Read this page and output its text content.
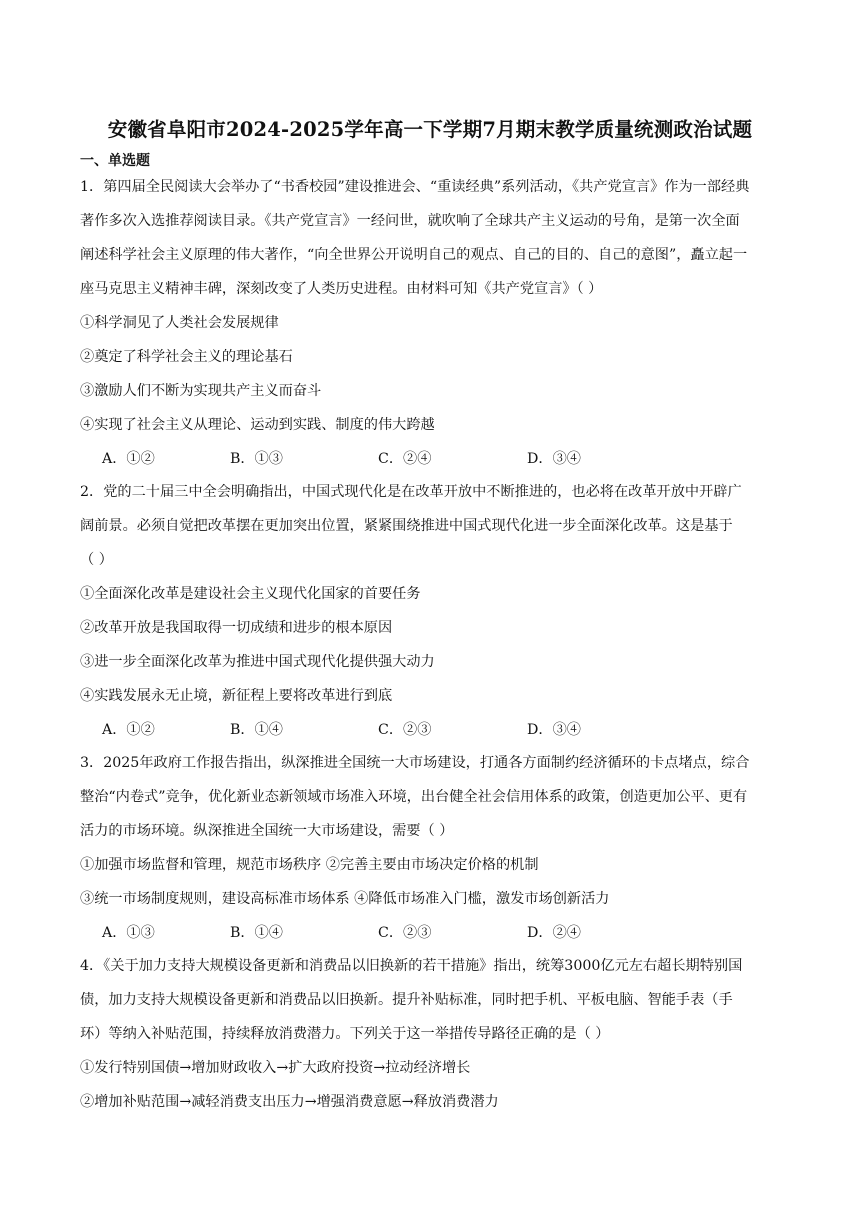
安徽省阜阳市2024-2025学年高一下学期7月期末教学质量统测政治试题
一、单选题
1．第四届全民阅读大会举办了“书香校园”建设推进会、“重读经典”系列活动，《共产党宣言》作为一部经典
著作多次入选推荐阅读目录。《共产党宣言》一经问世，就吹响了全球共产主义运动的号角，是第一次全面
阐述科学社会主义原理的伟大著作，“向全世界公开说明自己的观点、自己的目的、自己的意图”，矗立起一
座马克思主义精神丰碑，深刻改变了人类历史进程。由材料可知《共产党宣言》（ ）
①科学洞见了人类社会发展规律
②奠定了科学社会主义的理论基石
③激励人们不断为实现共产主义而奋斗
④实现了社会主义从理论、运动到实践、制度的伟大跨越
A．①②	B．①③	C．②④	D．③④
2．党的二十届三中全会明确指出，中国式现代化是在改革开放中不断推进的，也必将在改革开放中开辟广
阔前景。必须自觉把改革摆在更加突出位置，紧紧围绕推进中国式现代化进一步全面深化改革。这是基于
（ ）
①全面深化改革是建设社会主义现代化国家的首要任务
②改革开放是我国取得一切成绩和进步的根本原因
③进一步全面深化改革为推进中国式现代化提供强大动力
④实践发展永无止境，新征程上要将改革进行到底
A．①②	B．①④	C．②③	D．③④
3．2025年政府工作报告指出，纵深推进全国统一大市场建设，打通各方面制约经济循环的卡点堵点，综合
整治“内卷式”竞争，优化新业态新领域市场准入环境，出台健全社会信用体系的政策，创造更加公平、更有
活力的市场环境。纵深推进全国统一大市场建设，需要（ ）
①加强市场监督和管理，规范市场秩序 ②完善主要由市场决定价格的机制
③统一市场制度规则，建设高标准市场体系 ④降低市场准入门槛，激发市场创新活力
A．①③	B．①④	C．②③	D．②④
4．《关于加力支持大规模设备更新和消费品以旧换新的若干措施》指出，统筹3000亿元左右超长期特别国
债，加力支持大规模设备更新和消费品以旧换新。提升补贴标准，同时把手机、平板电脑、智能手表（手
环）等纳入补贴范围，持续释放消费潜力。下列关于这一举措传导路径正确的是（ ）
①发行特别国债→增加财政收入→扩大政府投资→拉动经济增长
②增加补贴范围→减轻消费支出压力→增强消费意愿→释放消费潜力
